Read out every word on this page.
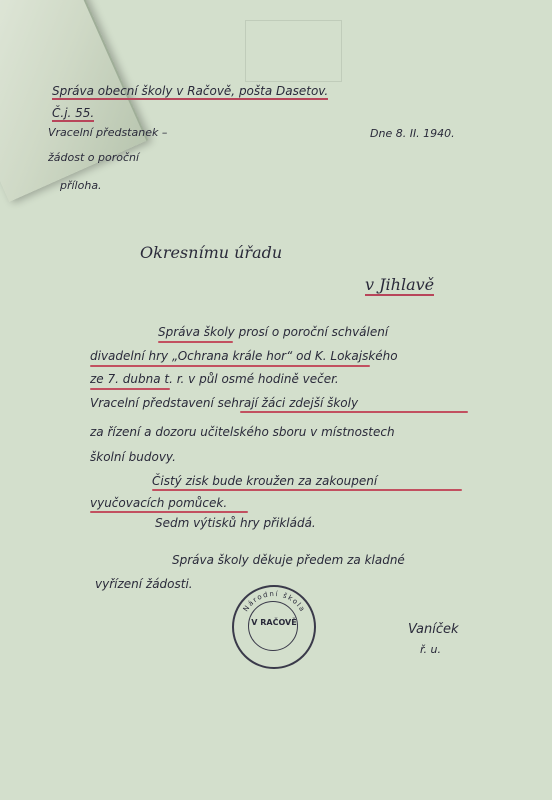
Správa obecní školy v Račově, pošta Dasetov.
Č.j. 55.
Vracelní předstanek –
žádost o poroční
příloha.
Dne 8. II. 1940.
Okresnímu úřadu
v Jihlavě
Správa školy prosí o poroční schválení
divadelní hry „Ochrana krále hor“ od K. Lokajského
ze 7. dubna t. r. v půl osmé hodině večer.
Vracelní představení sehrají žáci zdejší školy
za řízení a dozoru učitelského sboru v místnostech
školní budovy.
Čistý zisk bude kroužen za zakoupení
vyučovacích pomůcek.
Sedm výtisků hry přikládá.
Správa školy děkuje předem za kladné
vyřízení žádosti.
Národní škola
V RAČOVĚ	Vaníček
ř. u.
